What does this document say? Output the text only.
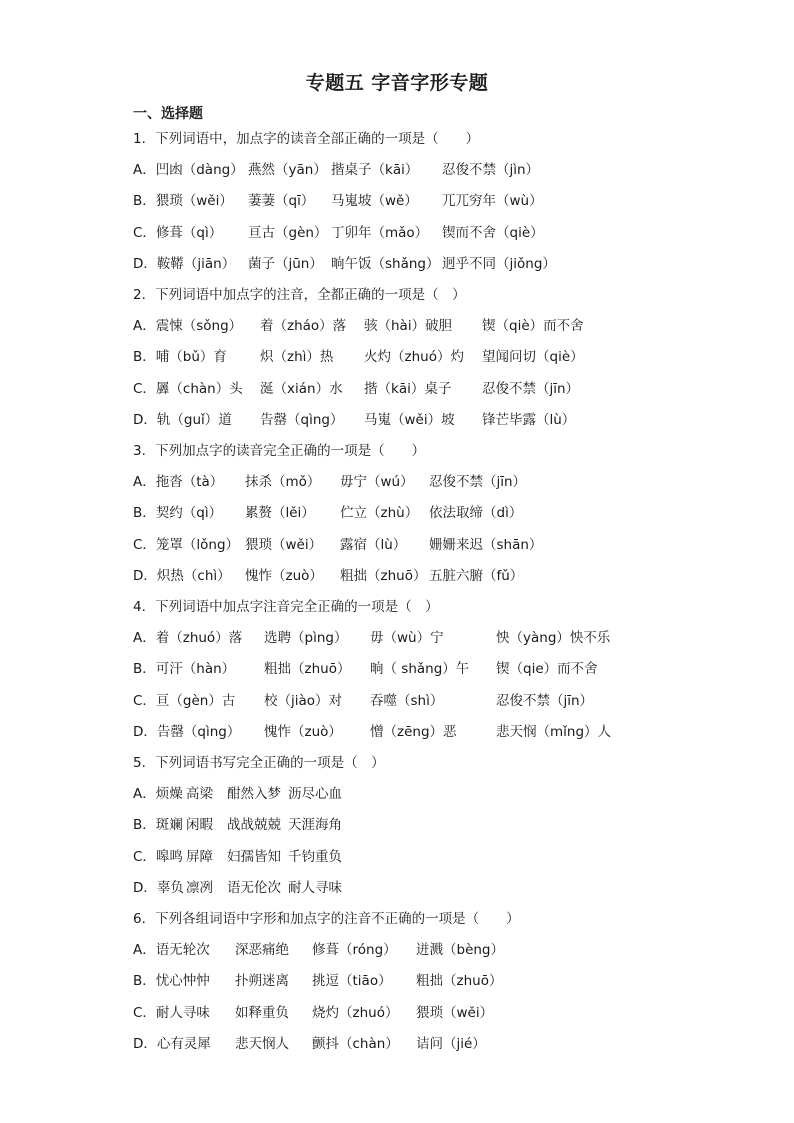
专题五 字音字形专题
一、选择题
1．下列词语中，加点字的读音全部正确的一项是（　　）
A．凹凼（dàng） 燕然（yān） 揩桌子（kāi） 忍俊不禁（jìn）
B．猥琐（wěi） 萋萋（qī） 马嵬坡（wě） 兀兀穷年（wù）
C．修葺（qì） 亘古（gèn） 丁卯年（mǎo） 锲而不舍（qiè）
D．鞍鞯（jiān） 菌子（jūn） 晌午饭（shǎng） 迥乎不同（jiǒng）
2．下列词语中加点字的注音，全都正确的一项是（　）
A．震悚（sǒng） 着（zháo）落 骇（hài）破胆 锲（qiè）而不舍
B．哺（bǔ）育 炽（zhì）热 火灼（zhuó）灼 望闻问切（qiè）
C．羼（chàn）头 涎（xián）水 揩（kāi）桌子 忍俊不禁（jīn）
D．轨（guǐ）道 告罄（qìng） 马嵬（wěi）坡 锋芒毕露（lù）
3．下列加点字的读音完全正确的一项是（　　）
A．拖沓（tà） 抹杀（mǒ） 毋宁（wú） 忍俊不禁（jīn）
B．契约（qì） 累赘（lěi） 伫立（zhù） 依法取缔（dì）
C．笼罩（lǒng） 猥琐（wěi） 露宿（lù） 姗姗来迟（shān）
D．炽热（chì） 愧怍（zuò） 粗拙（zhuō） 五脏六腑（fǔ）
4．下列词语中加点字注音完全正确的一项是（　）
A．着（zhuó）落 选聘（pìng） 毋（wù）宁	怏（yàng）怏不乐
B．可汗（hàn） 粗拙（zhuō） 晌（ shǎng）午 锲（qie）而不舍
C．亘（gèn）古 校（jiào）对 吞噬（shì）	忍俊不禁（jīn）
D．告罄（qìng） 愧怍（zuò） 憎（zēng）恶	悲天悯（mǐng）人
5．下列词语书写完全正确的一项是（　）
A．烦燥 高梁 酣然入梦 沥尽心血
B．斑斓 闲暇 战战兢兢 天涯海角
C．嗥鸣 屏障 妇孺皆知 千钧重负
D．辜负 凛冽 语无伦次 耐人寻味
6．下列各组词语中字形和加点字的注音不正确的一项是（　　）
A．语无轮次 深恶痛绝 修葺（róng） 迸溅（bèng）
B．忧心忡忡 扑朔迷离 挑逗（tiāo） 粗拙（zhuō）
C．耐人寻味 如释重负 烧灼（zhuó） 猥琐（wěi）
D．心有灵犀 悲天悯人 颤抖（chàn） 诘问（jié）
